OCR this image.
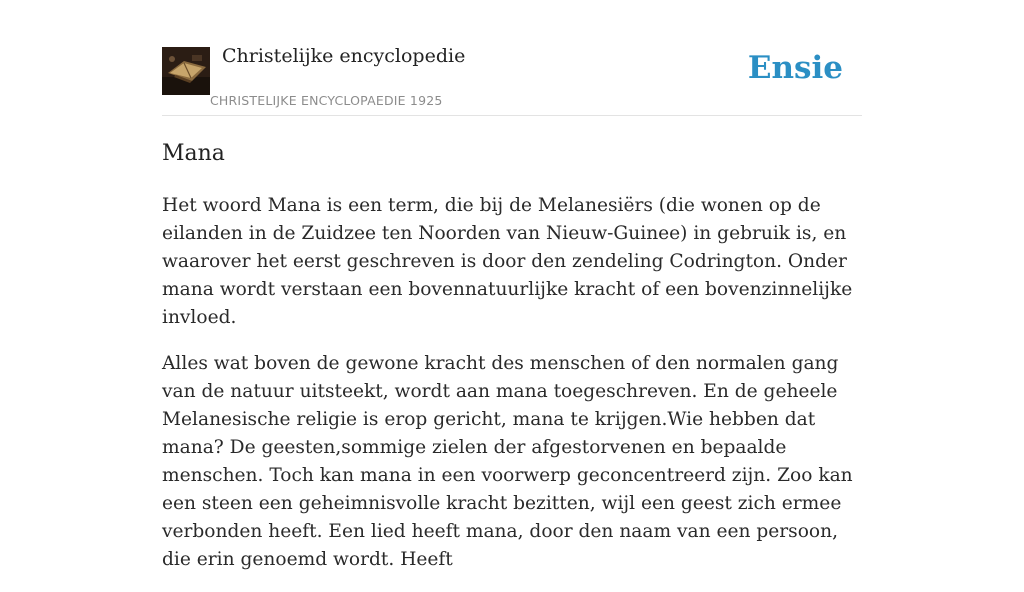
Christelijke encyclopedie
CHRISTELIJKE ENCYCLOPAEDIE 1925
Ensie
Mana

Het woord Mana is een term, die bij de Melanesiërs (die wonen op de eilanden in de Zuidzee ten Noorden van Nieuw-Guinee) in gebruik is, en waarover het eerst geschreven is door den zendeling Codrington. Onder mana wordt verstaan een bovennatuurlijke kracht of een bovenzinnelijke invloed.

Alles wat boven de gewone kracht des menschen of den normalen gang van de natuur uitsteekt, wordt aan mana toegeschreven. En de geheele Melanesische religie is erop gericht, mana te krijgen.Wie hebben dat mana? De geesten,sommige zielen der afgestorvenen en bepaalde menschen. Toch kan mana in een voorwerp geconcentreerd zijn. Zoo kan een steen een geheimnisvolle kracht bezitten, wijl een geest zich ermee verbonden heeft. Een lied heeft mana, door den naam van een persoon, die erin genoemd wordt. Heeft
